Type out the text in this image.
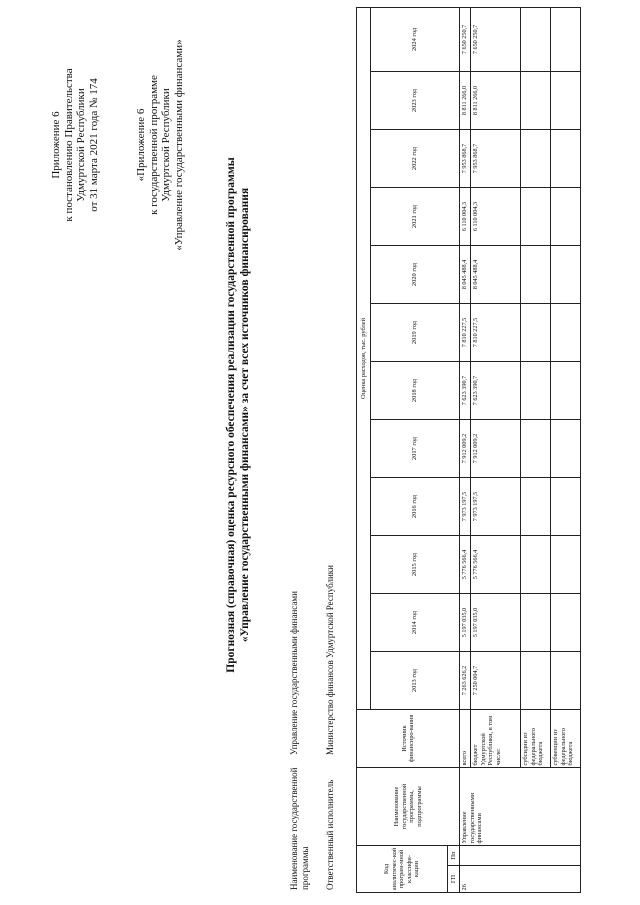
Приложение 6 к постановлению Правительства Удмуртской Республики от 31 марта 2021 года № 174	«Приложение 6 к государственной программе Удмуртской Республики «Управление государственными финансами»
Прогнозная (справочная) оценка ресурсного обеспечения реализации государственной программы «Управление государственными финансами» за счет всех источников финансирования
Наименование государственной программы
Управление государственными финансами
Ответственный исполнитель
Министерство финансов Удмуртской Республики
Код аналитичес-кой програм-мной классифи-кации		Наименование государственной программы, подпрограммы	Источник финансиро-вания	Оценка расходов, тыс. рублей											
				2013 год	2014 год	2015 год	2016 год	2017 год	2018 год	2019 год	2020 год	2021 год	2022 год	2023 год	2024 год
ГП	Пп														
26		Управление государственными финансами	всего	7 263 626,2	5 197 035,0	5 776 566,4	7 973 197,5	7 912 009,2	7 623 390,7	7 810 227,5	8 045 488,4	6 110 004,3	7 953 868,7	8 811 266,0	7 650 250,7
			бюджет Удмуртской Республики, в том числе:	7 250 004,7	5 197 035,0	5 776 566,4	7 973 197,5	7 912 009,2	7 623 390,7	7 810 227,5	8 045 488,4	6 110 004,3	7 953 868,7	8 811 266,0	7 650 250,7
			субсидии из федерального бюджета												
			субвенции из федерального бюджета												
